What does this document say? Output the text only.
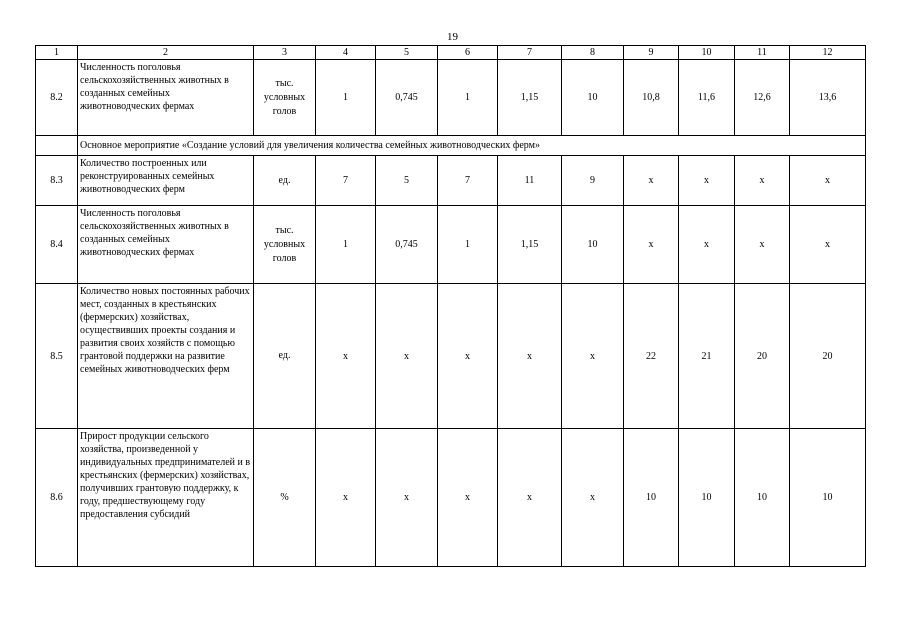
19
1	2	3	4	5	6	7	8	9	10	11	12
8.2	Численность поголовья сельскохозяйственных животных в созданных семейных животноводческих фермах	тыс. условных голов	1	0,745	1	1,15	10	10,8	11,6	12,6	13,6
	Основное мероприятие «Создание условий для увеличения количества семейных животноводческих ферм»										
8.3	Количество построенных или реконструированных семейных животноводческих ферм	ед.	7	5	7	11	9	х	х	х	х
8.4	Численность поголовья сельскохозяйственных животных в созданных семейных животноводческих фермах	тыс. условных голов	1	0,745	1	1,15	10	х	х	х	х
8.5	Количество новых постоянных рабочих мест, созданных в крестьянских (фермерских) хозяйствах, осуществивших проекты создания и развития своих хозяйств с помощью грантовой поддержки на развитие семейных животноводческих ферм	ед.	х	х	х	х	х	22	21	20	20
8.6	Прирост продукции сельского хозяйства, произведенной у индивидуальных предпринимателей и в крестьянских (фермерских) хозяйствах, получивших грантовую поддержку, к году, предшествующему году предоставления субсидий	%	х	х	х	х	х	10	10	10	10
